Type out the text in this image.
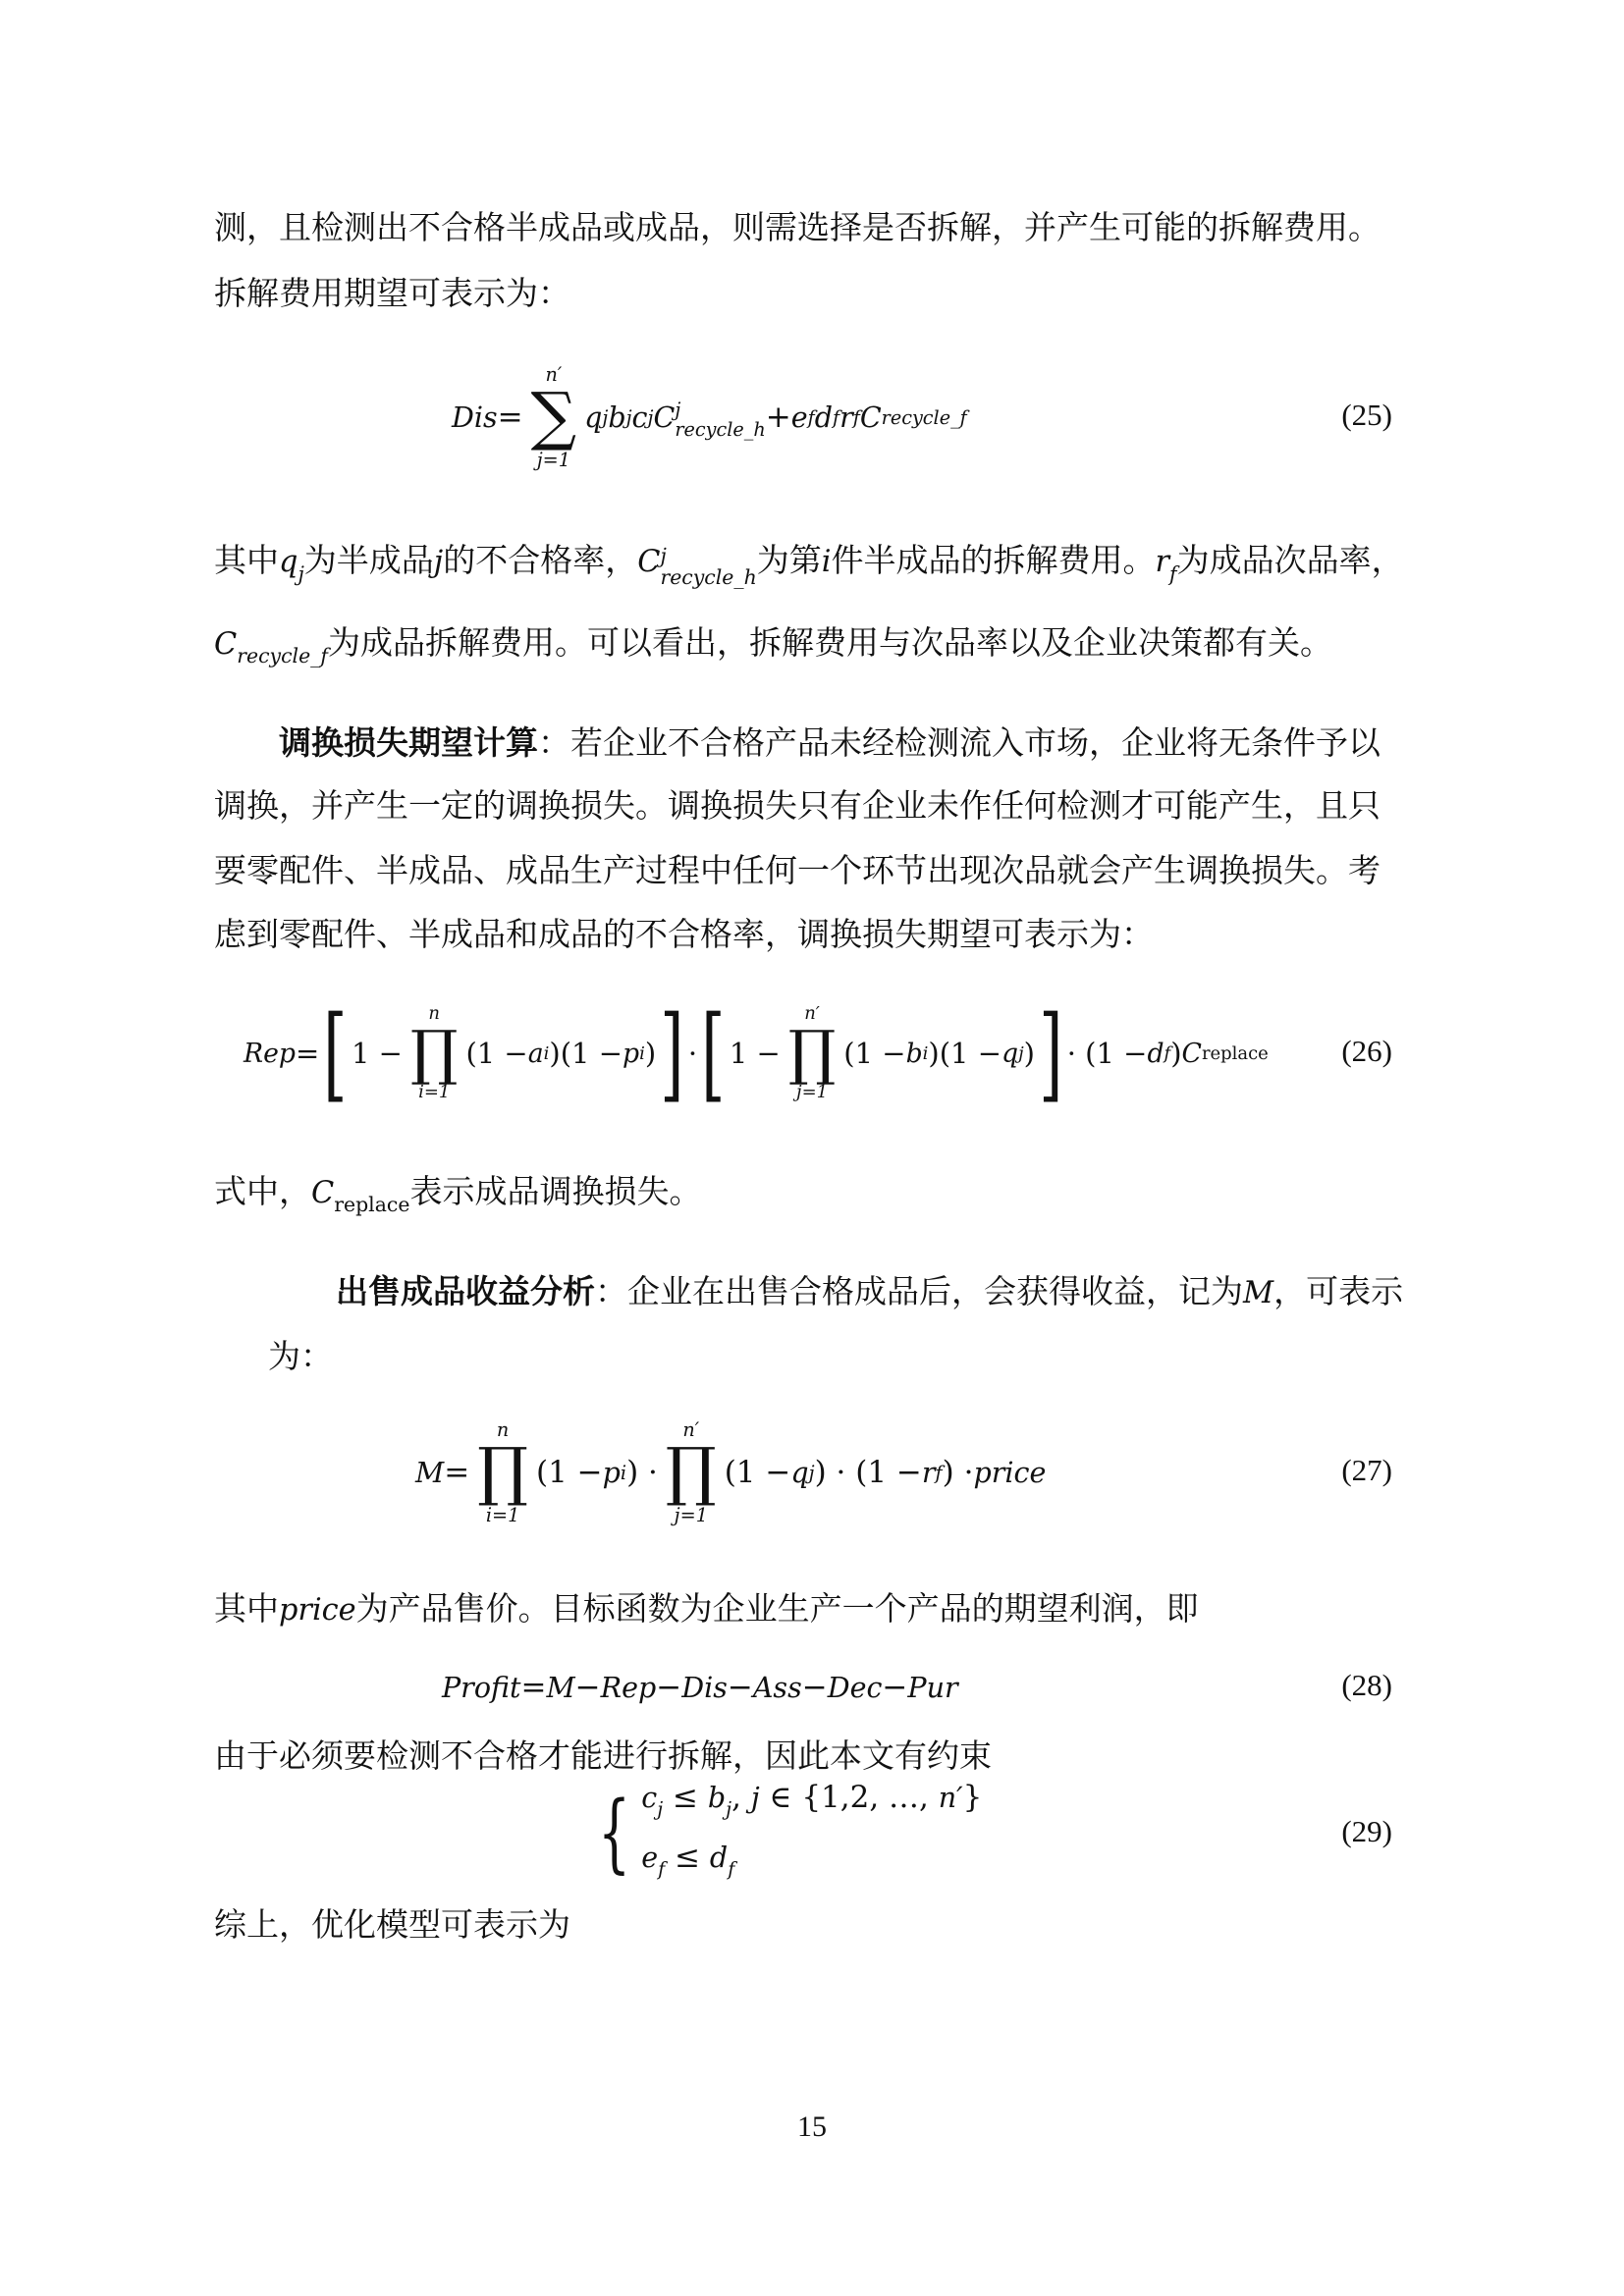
测，且检测出不合格半成品或成品，则需选择是否拆解，并产生可能的拆解费用。
拆解费用期望可表示为：
Dis =
n′
∑
j=1
q j b j c j C j
recycle_h + e f d f r f C recycle_f	(25)
其中$q_j$为半成品j的不合格率，C j
recycle_h 为第i件半成品的拆解费用。$r_f$为成品次品率，
$C_{recycle\_f}$为成品拆解费用。可以看出，拆解费用与次品率以及企业决策都有关。
调换损失期望计算：若企业不合格产品未经检测流入市场，企业将无条件予以
调换，并产生一定的调换损失。调换损失只有企业未作任何检测才可能产生，且只
要零配件、半成品、成品生产过程中任何一个环节出现次品就会产生调换损失。考
虑到零配件、半成品和成品的不合格率，调换损失期望可表示为：
Rep = [ 1 −
n
∏
i=1
(1 − a i )(1 − p i ) ] · [ 1 −
n′
∏
j=1
(1 − b i )(1 − q j ) ] · (1 − d f ) C replace (26)
式中，$C_{replace}$表示成品调换损失。
出售成品收益分析：企业在出售合格成品后，会获得收益，记为M，可表示
为：
M =
n
∏
i=1
(1 − p i ) ·
n′
∏
j=1
(1 − q j ) · (1 − r f ) · price	(27)
其中price为产品售价。目标函数为企业生产一个产品的期望利润，即
Profit = M − Rep − Dis − Ass − Dec − Pur	(28)
由于必须要检测不合格才能进行拆解，因此本文有约束
{ $c_j \le b_j$, j ∈ {1,2, …, n′}
$e_f \le d_f$
(29)
综上，优化模型可表示为
15
